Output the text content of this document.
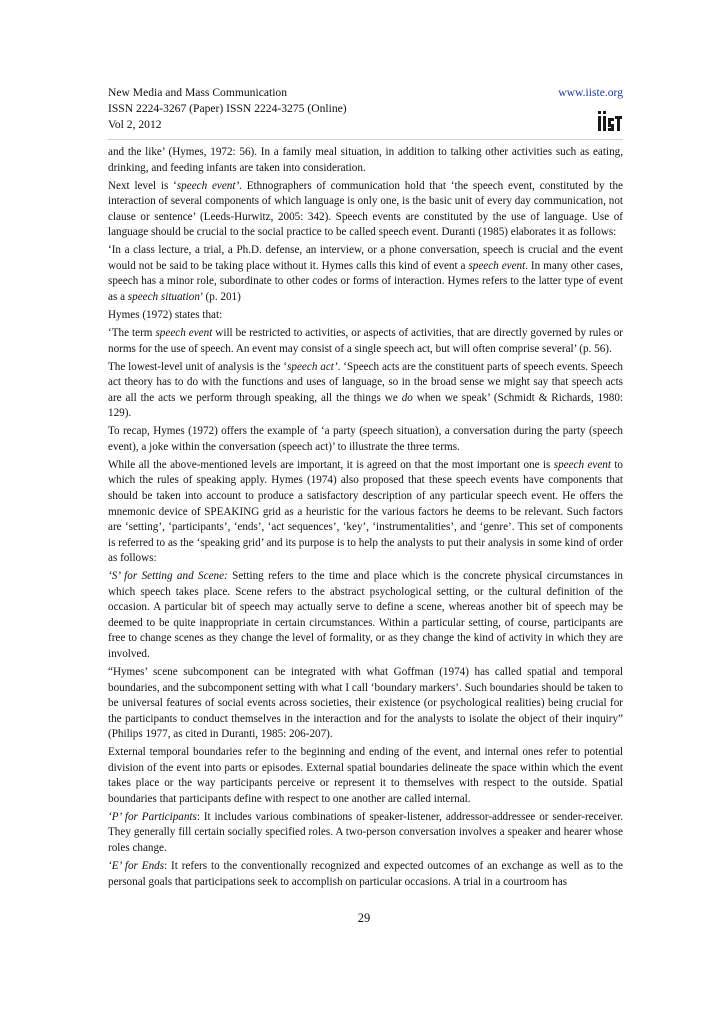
New Media and Mass Communication
ISSN 2224-3267 (Paper) ISSN 2224-3275 (Online)
Vol 2, 2012
www.iiste.org

and the like’ (Hymes, 1972: 56). In a family meal situation, in addition to talking other activities such as eating, drinking, and feeding infants are taken into consideration.

Next level is ‘speech event’. Ethnographers of communication hold that ‘the speech event, constituted by the interaction of several components of which language is only one, is the basic unit of every day communication, not clause or sentence’ (Leeds-Hurwitz, 2005: 342). Speech events are constituted by the use of language. Use of language should be crucial to the social practice to be called speech event. Duranti (1985) elaborates it as follows:

‘In a class lecture, a trial, a Ph.D. defense, an interview, or a phone conversation, speech is crucial and the event would not be said to be taking place without it. Hymes calls this kind of event a speech event. In many other cases, speech has a minor role, subordinate to other codes or forms of interaction. Hymes refers to the latter type of event as a speech situation’ (p. 201)

Hymes (1972) states that:

‘The term speech event will be restricted to activities, or aspects of activities, that are directly governed by rules or norms for the use of speech. An event may consist of a single speech act, but will often comprise several’ (p. 56).

The lowest-level unit of analysis is the ‘speech act’. ‘Speech acts are the constituent parts of speech events. Speech act theory has to do with the functions and uses of language, so in the broad sense we might say that speech acts are all the acts we perform through speaking, all the things we do when we speak’ (Schmidt & Richards, 1980: 129).

To recap, Hymes (1972) offers the example of ‘a party (speech situation), a conversation during the party (speech event), a joke within the conversation (speech act)’ to illustrate the three terms.

While all the above-mentioned levels are important, it is agreed on that the most important one is speech event to which the rules of speaking apply. Hymes (1974) also proposed that these speech events have components that should be taken into account to produce a satisfactory description of any particular speech event. He offers the mnemonic device of SPEAKING grid as a heuristic for the various factors he deems to be relevant. Such factors are ‘setting’, ‘participants’, ‘ends’, ‘act sequences’, ‘key’, ‘instrumentalities’, and ‘genre’. This set of components is referred to as the ‘speaking grid’ and its purpose is to help the analysts to put their analysis in some kind of order as follows:

‘S’ for Setting and Scene: Setting refers to the time and place which is the concrete physical circumstances in which speech takes place. Scene refers to the abstract psychological setting, or the cultural definition of the occasion. A particular bit of speech may actually serve to define a scene, whereas another bit of speech may be deemed to be quite inappropriate in certain circumstances. Within a particular setting, of course, participants are free to change scenes as they change the level of formality, or as they change the kind of activity in which they are involved.

“Hymes’ scene subcomponent can be integrated with what Goffman (1974) has called spatial and temporal boundaries, and the subcomponent setting with what I call ‘boundary markers’. Such boundaries should be taken to be universal features of social events across societies, their existence (or psychological realities) being crucial for the participants to conduct themselves in the interaction and for the analysts to isolate the object of their inquiry” (Philips 1977, as cited in Duranti, 1985: 206-207).

External temporal boundaries refer to the beginning and ending of the event, and internal ones refer to potential division of the event into parts or episodes. External spatial boundaries delineate the space within which the event takes place or the way participants perceive or represent it to themselves with respect to the outside. Spatial boundaries that participants define with respect to one another are called internal.

‘P’ for Participants: It includes various combinations of speaker-listener, addressor-addressee or sender-receiver. They generally fill certain socially specified roles. A two-person conversation involves a speaker and hearer whose roles change.

‘E’ for Ends: It refers to the conventionally recognized and expected outcomes of an exchange as well as to the personal goals that participations seek to accomplish on particular occasions. A trial in a courtroom has

29
